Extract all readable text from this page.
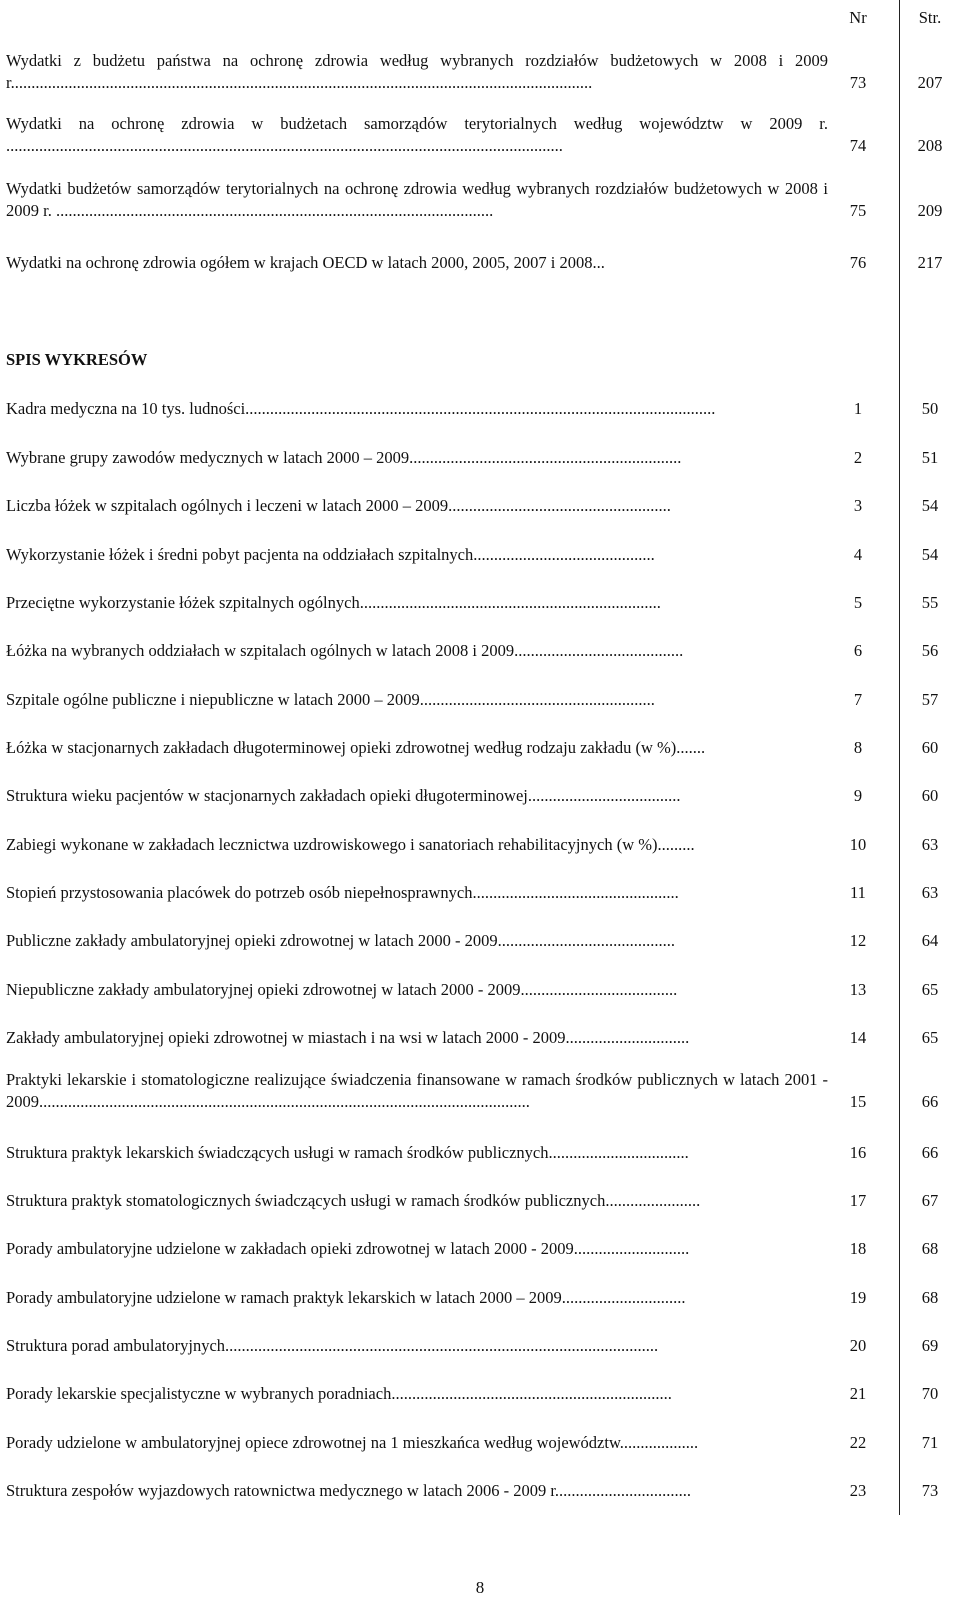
Nr	Str.
Wydatki z budżetu państwa na ochronę zdrowia według wybranych rozdziałów budżetowych w 2008 i 2009 r.............................................................................................................................................	73	207
Wydatki na ochronę zdrowia w budżetach samorządów terytorialnych według województw w 2009 r. .......................................................................................................................................	74	208
Wydatki budżetów samorządów terytorialnych na ochronę zdrowia według wybranych rozdziałów budżetowych w 2008 i 2009 r. ..........................................................................................................	75	209
Wydatki na ochronę zdrowia ogółem w krajach OECD w latach 2000, 2005, 2007 i 2008...	76	217
SPIS WYKRESÓW
Kadra medyczna na 10 tys. ludności..................................................................................................................	1	50
Wybrane grupy zawodów medycznych w latach 2000 – 2009..................................................................	2	51
Liczba łóżek w szpitalach ogólnych i leczeni w latach 2000 – 2009......................................................	3	54
Wykorzystanie łóżek i średni pobyt pacjenta na oddziałach szpitalnych............................................	4	54
Przeciętne wykorzystanie łóżek szpitalnych ogólnych.........................................................................	5	55
Łóżka na wybranych oddziałach w szpitalach ogólnych w latach 2008 i 2009.........................................	6	56
Szpitale ogólne publiczne i niepubliczne w latach 2000 – 2009.........................................................	7	57
Łóżka w stacjonarnych zakładach długoterminowej opieki zdrowotnej według rodzaju zakładu (w %).......	8	60
Struktura wieku pacjentów w stacjonarnych zakładach opieki długoterminowej.....................................	9	60
Zabiegi wykonane w zakładach lecznictwa uzdrowiskowego i sanatoriach rehabilitacyjnych (w %).........	10	63
Stopień przystosowania placówek do potrzeb osób niepełnosprawnych..................................................	11	63
Publiczne zakłady ambulatoryjnej opieki zdrowotnej w latach 2000 - 2009...........................................	12	64
Niepubliczne zakłady ambulatoryjnej opieki zdrowotnej w latach 2000 - 2009......................................	13	65
Zakłady ambulatoryjnej opieki zdrowotnej w miastach i na wsi w latach 2000 - 2009..............................	14	65
Praktyki lekarskie i stomatologiczne realizujące świadczenia finansowane w ramach środków publicznych w latach 2001 - 2009.......................................................................................................................	15	66
Struktura praktyk lekarskich świadczących usługi w ramach środków publicznych..................................	16	66
Struktura praktyk stomatologicznych świadczących usługi w ramach środków publicznych.......................	17	67
Porady ambulatoryjne udzielone w zakładach opieki zdrowotnej w latach 2000 - 2009............................	18	68
Porady ambulatoryjne udzielone w ramach praktyk lekarskich w latach 2000 – 2009..............................	19	68
Struktura porad ambulatoryjnych.........................................................................................................	20	69
Porady lekarskie specjalistyczne w wybranych poradniach....................................................................	21	70
Porady udzielone w ambulatoryjnej opiece zdrowotnej na 1 mieszkańca według województw...................	22	71
Struktura zespołów wyjazdowych ratownictwa medycznego w latach 2006 - 2009 r.................................	23	73
8
